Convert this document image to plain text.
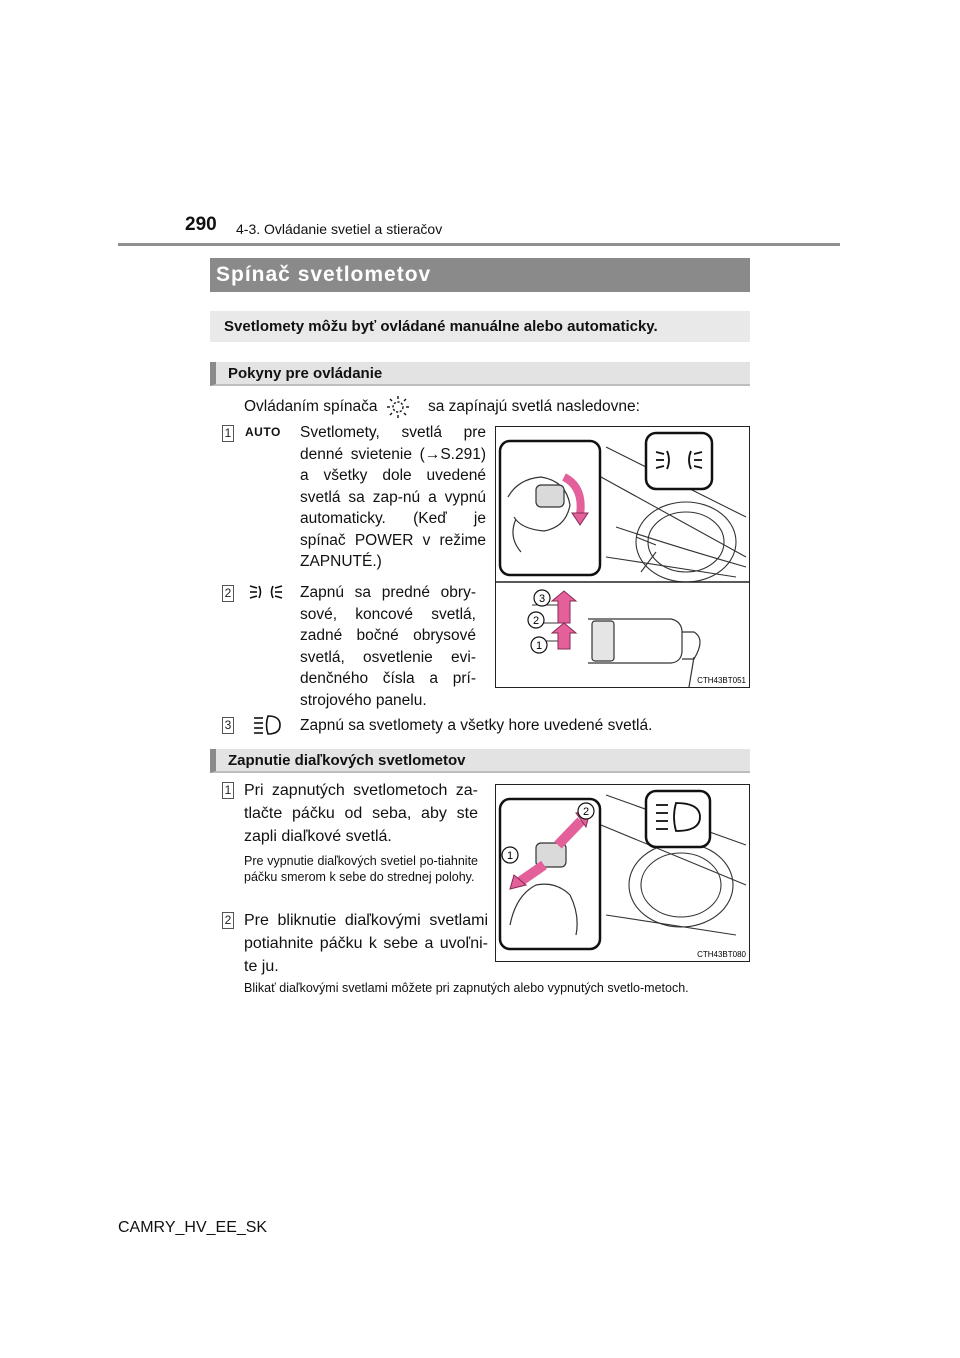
290 4-3. Ovládanie svetiel a stieračov
Spínač svetlometov
Svetlomety môžu byť ovládané manuálne alebo automaticky.
Pokyny pre ovládanie
Ovládaním spínača	sa zapínajú svetlá nasledovne:
1 AUTO Svetlomety, svetlá pre denné svietenie (→S.291) a všetky dole uvedené svetlá sa zap-nú a vypnú automaticky. (Keď je spínač POWER v režime ZAPNUTÉ.)
2	Zapnú sa predné obry-sové, koncové svetlá, zadné bočné obrysové svetlá, osvetlenie evi-denčného čísla a prí-strojového panelu.
3	Zapnú sa svetlomety a všetky hore uvedené svetlá.
3
2
1
CTH43BT051
Zapnutie diaľkových svetlometov
1 Pri zapnutých svetlometoch za-tlačte páčku od seba, aby ste zapli diaľkové svetlá.
Pre vypnutie diaľkových svetiel po-tiahnite páčku smerom k sebe do strednej polohy.
2 Pre bliknutie diaľkovými svetlami potiahnite páčku k sebe a uvoľni-te ju.
Blikať diaľkovými svetlami môžete pri zapnutých alebo vypnutých svetlo-metoch.
2
1
CTH43BT080
CAMRY_HV_EE_SK
